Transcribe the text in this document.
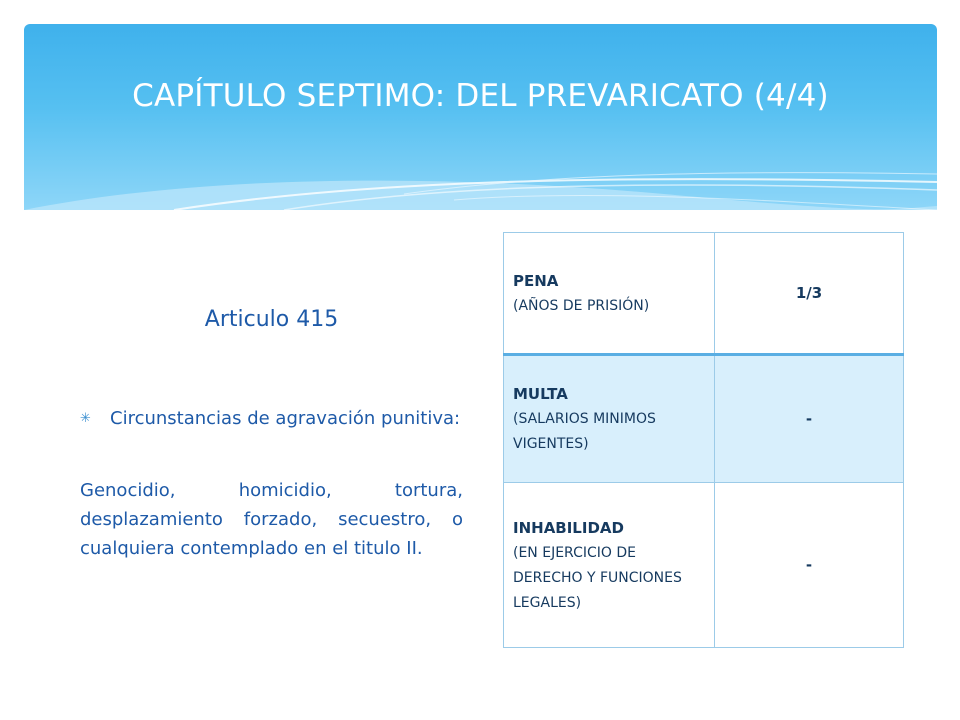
CAPÍTULO SEPTIMO: DEL PREVARICATO (4/4)
Articulo 415
✳ Circunstancias de agravación punitiva:
Genocidio, homicidio, tortura, desplazamiento forzado, secuestro, o cualquiera contemplado en el titulo II.
PENA
(AÑOS DE PRISIÓN)	1/3

MULTA
(SALARIOS MINIMOS VIGENTES)	-

INHABILIDAD
(EN EJERCICIO DE DERECHO Y FUNCIONES LEGALES)	-
